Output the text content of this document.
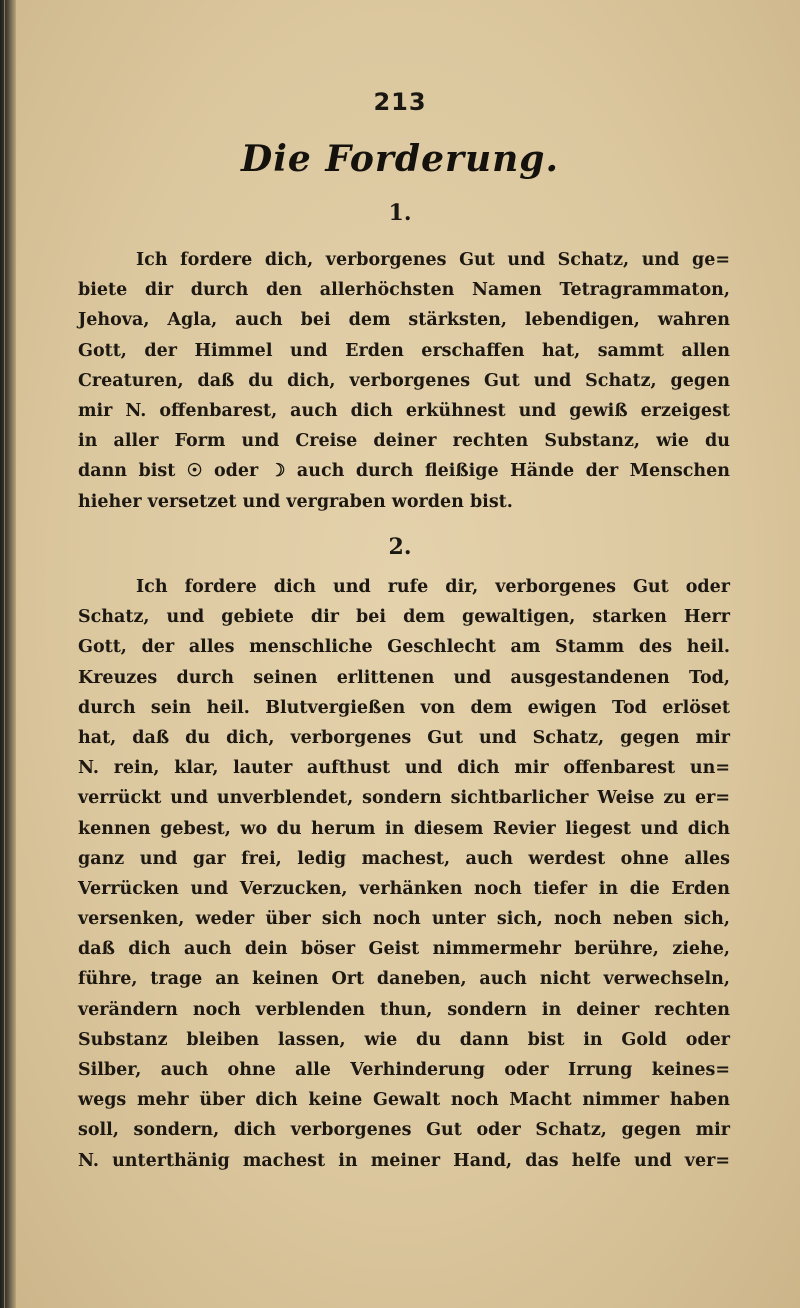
213
Die Forderung.
1.
Ich fordere dich, verborgenes Gut und Schatz, und ge=
biete dir durch den allerhöchsten Namen Tetragrammaton,
Jehova, Agla, auch bei dem stärksten, lebendigen, wahren
Gott, der Himmel und Erden erschaffen hat, sammt allen
Creaturen, daß du dich, verborgenes Gut und Schatz, gegen
mir N. offenbarest, auch dich erkühnest und gewiß erzeigest
in aller Form und Creise deiner rechten Substanz, wie du
dann bist ☉ oder ☽ auch durch fleißige Hände der Menschen
hieher versetzet und vergraben worden bist.
2.
Ich fordere dich und rufe dir, verborgenes Gut oder
Schatz, und gebiete dir bei dem gewaltigen, starken Herr
Gott, der alles menschliche Geschlecht am Stamm des heil.
Kreuzes durch seinen erlittenen und ausgestandenen Tod,
durch sein heil. Blutvergießen von dem ewigen Tod erlöset
hat, daß du dich, verborgenes Gut und Schatz, gegen mir
N. rein, klar, lauter aufthust und dich mir offenbarest un=
verrückt und unverblendet, sondern sichtbarlicher Weise zu er=
kennen gebest, wo du herum in diesem Revier liegest und dich
ganz und gar frei, ledig machest, auch werdest ohne alles
Verrücken und Verzucken, verhänken noch tiefer in die Erden
versenken, weder über sich noch unter sich, noch neben sich,
daß dich auch dein böser Geist nimmermehr berühre, ziehe,
führe, trage an keinen Ort daneben, auch nicht verwechseln,
verändern noch verblenden thun, sondern in deiner rechten
Substanz bleiben lassen, wie du dann bist in Gold oder
Silber, auch ohne alle Verhinderung oder Irrung keines=
wegs mehr über dich keine Gewalt noch Macht nimmer haben
soll, sondern, dich verborgenes Gut oder Schatz, gegen mir
N. unterthänig machest in meiner Hand, das helfe und ver=
